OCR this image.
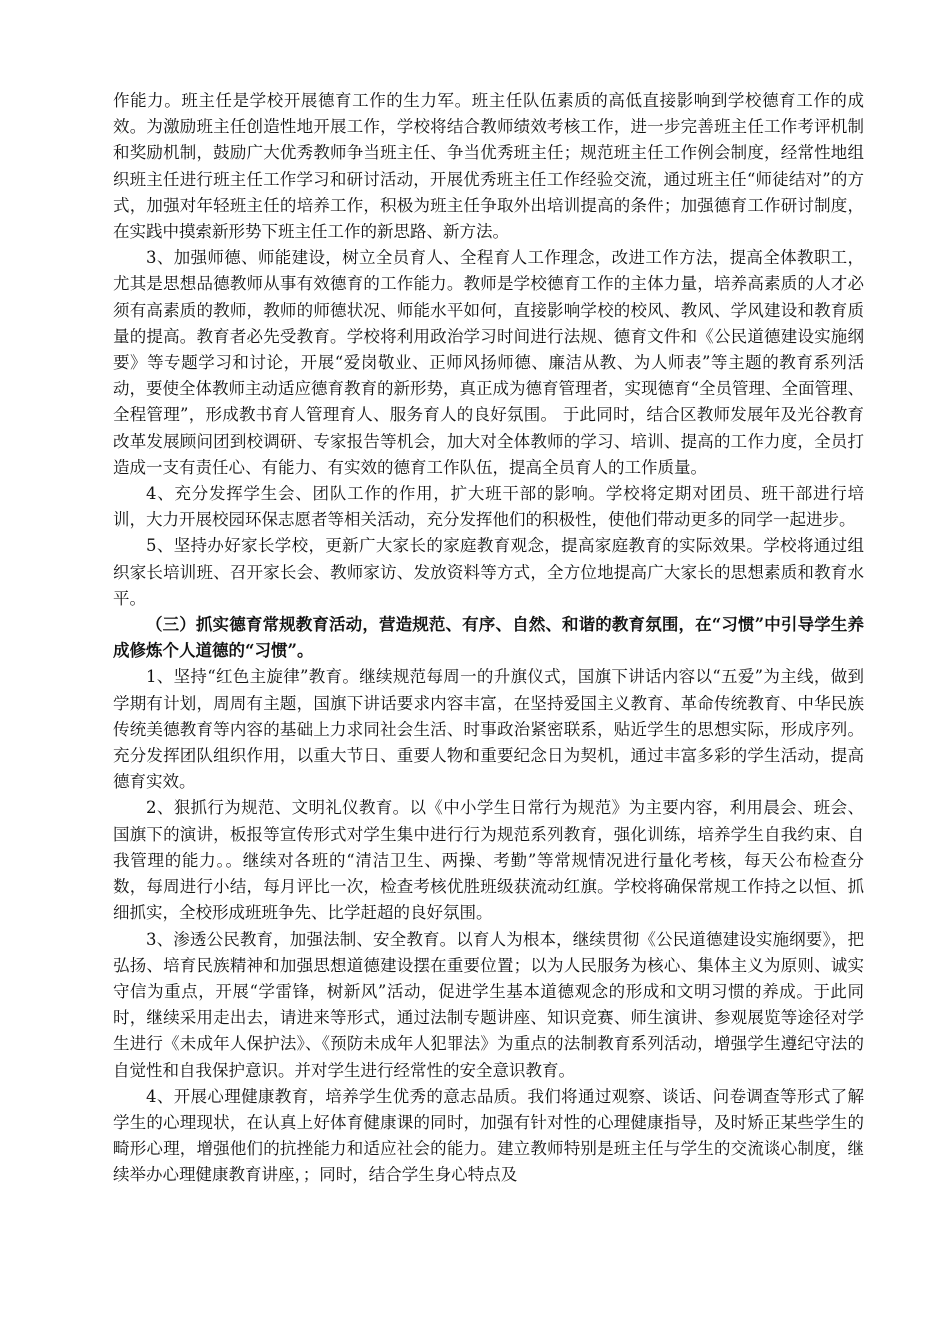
作能力。班主任是学校开展德育工作的生力军。班主任队伍素质的高低直接影响到学校德育工作的成效。为激励班主任创造性地开展工作，学校将结合教师绩效考核工作，进一步完善班主任工作考评机制和奖励机制，鼓励广大优秀教师争当班主任、争当优秀班主任；规范班主任工作例会制度，经常性地组织班主任进行班主任工作学习和研讨活动，开展优秀班主任工作经验交流，通过班主任“师徒结对”的方式，加强对年轻班主任的培养工作，积极为班主任争取外出培训提高的条件；加强德育工作研讨制度，在实践中摸索新形势下班主任工作的新思路、新方法。

3、加强师德、师能建设，树立全员育人、全程育人工作理念，改进工作方法，提高全体教职工，尤其是思想品德教师从事有效德育的工作能力。教师是学校德育工作的主体力量，培养高素质的人才必须有高素质的教师，教师的师德状况、师能水平如何，直接影响学校的校风、教风、学风建设和教育质量的提高。教育者必先受教育。学校将利用政治学习时间进行法规、德育文件和《公民道德建设实施纲要》等专题学习和讨论，开展“爱岗敬业、正师风扬师德、廉洁从教、为人师表”等主题的教育系列活动，要使全体教师主动适应德育教育的新形势，真正成为德育管理者，实现德育“全员管理、全面管理、全程管理”，形成教书育人管理育人、服务育人的良好氛围。 于此同时，结合区教师发展年及光谷教育改革发展顾问团到校调研、专家报告等机会，加大对全体教师的学习、培训、提高的工作力度，全员打造成一支有责任心、有能力、有实效的德育工作队伍，提高全员育人的工作质量。

4、充分发挥学生会、团队工作的作用，扩大班干部的影响。学校将定期对团员、班干部进行培训，大力开展校园环保志愿者等相关活动，充分发挥他们的积极性，使他们带动更多的同学一起进步。

5、坚持办好家长学校，更新广大家长的家庭教育观念，提高家庭教育的实际效果。学校将通过组织家长培训班、召开家长会、教师家访、发放资料等方式，全方位地提高广大家长的思想素质和教育水平。

（三）抓实德育常规教育活动，营造规范、有序、自然、和谐的教育氛围，在“习惯”中引导学生养成修炼个人道德的“习惯”。

1、坚持“红色主旋律”教育。继续规范每周一的升旗仪式，国旗下讲话内容以“五爱”为主线，做到学期有计划，周周有主题，国旗下讲话要求内容丰富，在坚持爱国主义教育、革命传统教育、中华民族传统美德教育等内容的基础上力求同社会生活、时事政治紧密联系，贴近学生的思想实际，形成序列。充分发挥团队组织作用，以重大节日、重要人物和重要纪念日为契机，通过丰富多彩的学生活动，提高德育实效。

2、狠抓行为规范、文明礼仪教育。以《中小学生日常行为规范》为主要内容，利用晨会、班会、国旗下的演讲，板报等宣传形式对学生集中进行行为规范系列教育，强化训练，培养学生自我约束、自我管理的能力。。继续对各班的“清洁卫生、两操、考勤”等常规情况进行量化考核，每天公布检查分数，每周进行小结，每月评比一次，检查考核优胜班级获流动红旗。学校将确保常规工作持之以恒、抓细抓实，全校形成班班争先、比学赶超的良好氛围。

3、渗透公民教育，加强法制、安全教育。以育人为根本，继续贯彻《公民道德建设实施纲要》，把弘扬、培育民族精神和加强思想道德建设摆在重要位置；以为人民服务为核心、集体主义为原则、诚实守信为重点，开展“学雷锋，树新风”活动，促进学生基本道德观念的形成和文明习惯的养成。于此同时，继续采用走出去，请进来等形式，通过法制专题讲座、知识竞赛、师生演讲、参观展览等途径对学生进行《未成年人保护法》、《预防未成年人犯罪法》为重点的法制教育系列活动，增强学生遵纪守法的自觉性和自我保护意识。并对学生进行经常性的安全意识教育。

4、开展心理健康教育，培养学生优秀的意志品质。我们将通过观察、谈话、问卷调查等形式了解学生的心理现状，在认真上好体育健康课的同时，加强有针对性的心理健康指导，及时矫正某些学生的畸形心理，增强他们的抗挫能力和适应社会的能力。建立教师特别是班主任与学生的交流谈心制度，继续举办心理健康教育讲座，；同时，结合学生身心特点及
